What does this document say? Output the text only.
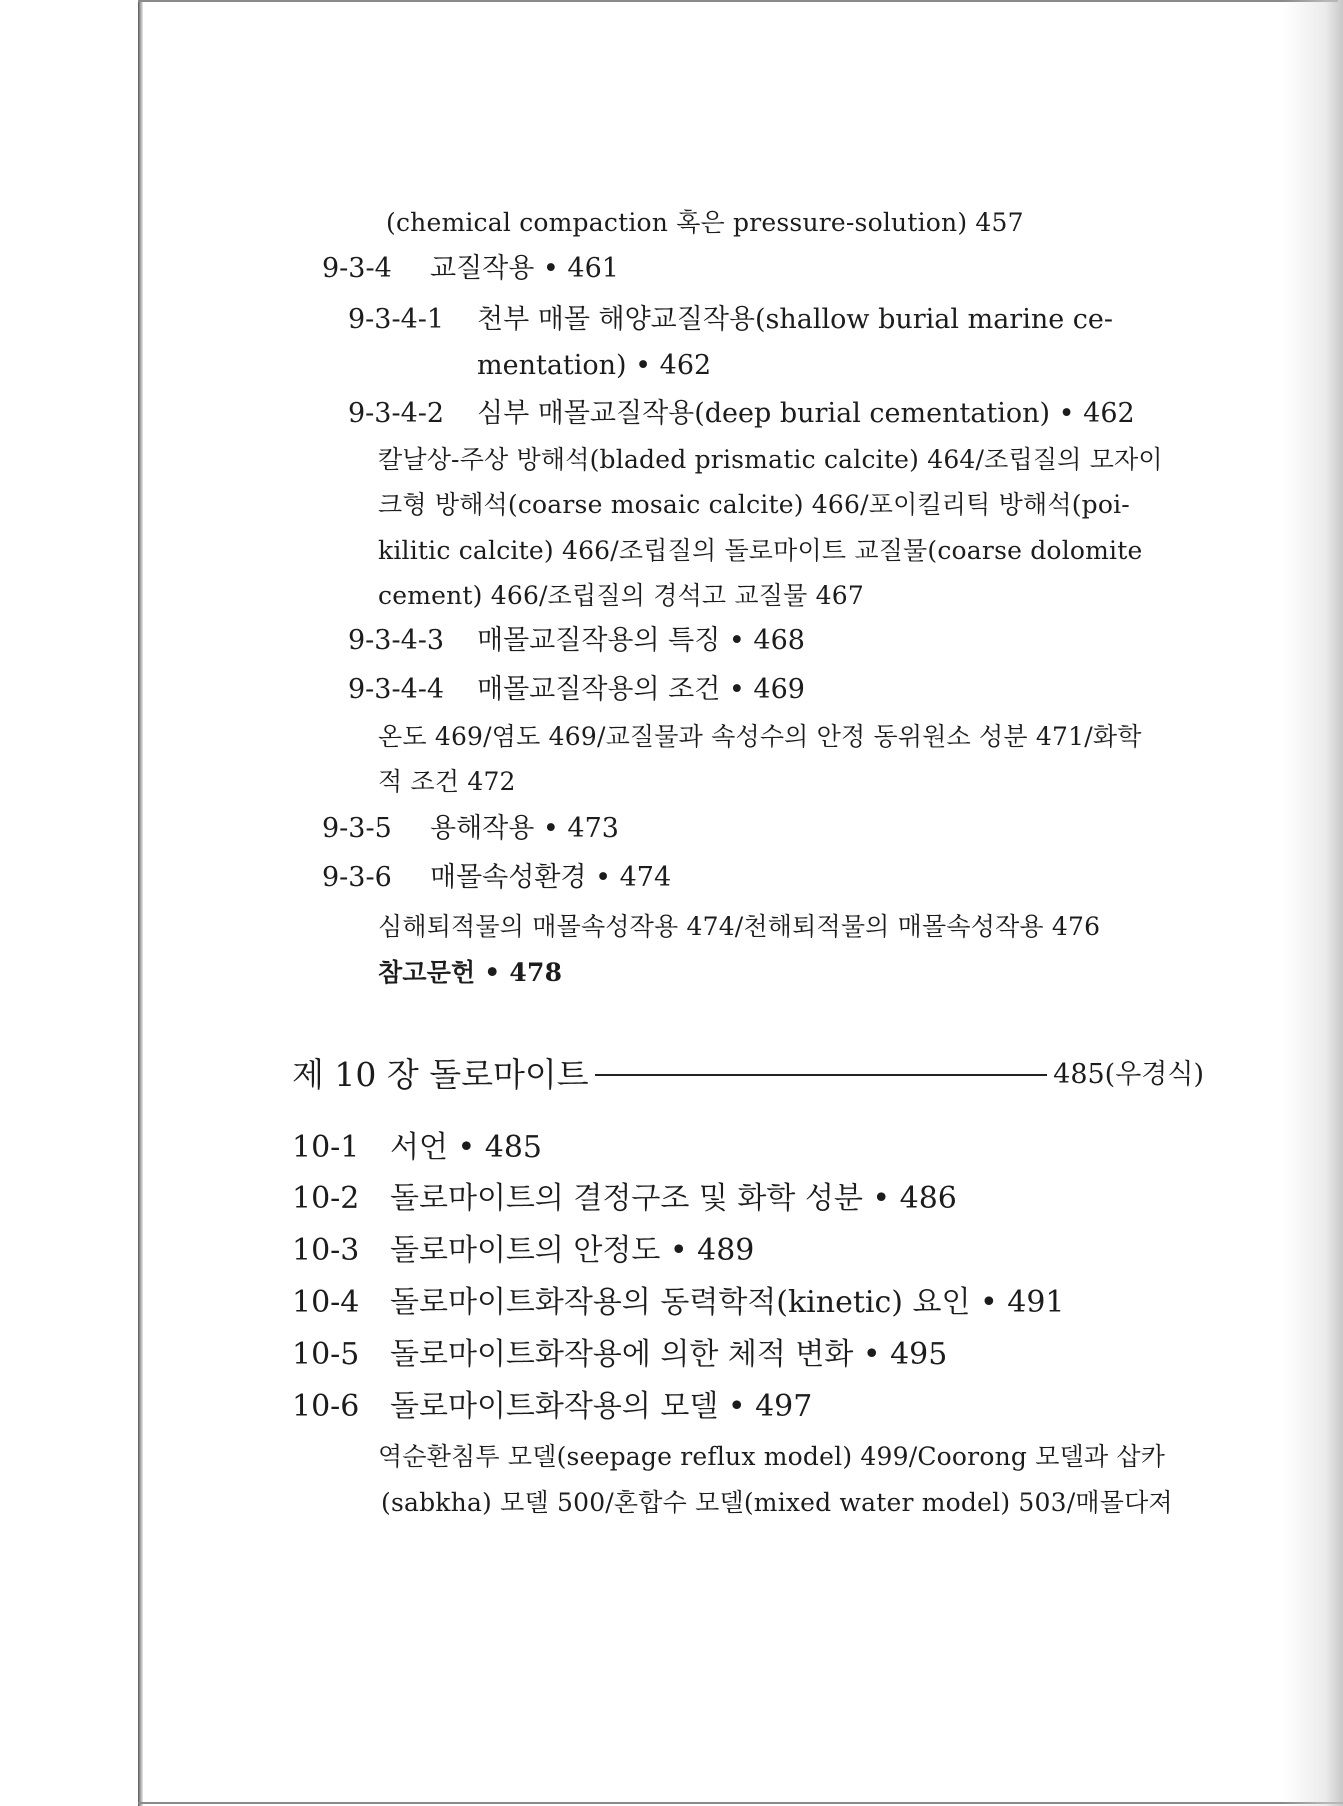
(chemical compaction 혹은 pressure-solution) 457
9-3-4 교질작용 • 461
9-3-4-1 천부 매몰 해양교질작용(shallow burial marine ce-
mentation) • 462
9-3-4-2 심부 매몰교질작용(deep burial cementation) • 462
칼날상-주상 방해석(bladed prismatic calcite) 464/조립질의 모자이
크형 방해석(coarse mosaic calcite) 466/포이킬리틱 방해석(poi-
kilitic calcite) 466/조립질의 돌로마이트 교질물(coarse dolomite
cement) 466/조립질의 경석고 교질물 467
9-3-4-3 매몰교질작용의 특징 • 468
9-3-4-4 매몰교질작용의 조건 • 469
온도 469/염도 469/교질물과 속성수의 안정 동위원소 성분 471/화학
적 조건 472
9-3-5 용해작용 • 473
9-3-6 매몰속성환경 • 474
심해퇴적물의 매몰속성작용 474/천해퇴적물의 매몰속성작용 476
참고문헌 • 478
제 10 장 돌로마이트	485(우경식)
10-1 서언 • 485
10-2 돌로마이트의 결정구조 및 화학 성분 • 486
10-3 돌로마이트의 안정도 • 489
10-4 돌로마이트화작용의 동력학적(kinetic) 요인 • 491
10-5 돌로마이트화작용에 의한 체적 변화 • 495
10-6 돌로마이트화작용의 모델 • 497
역순환침투 모델(seepage reflux model) 499/Coorong 모델과 삽카
(sabkha) 모델 500/혼합수 모델(mixed water model) 503/매몰다져
